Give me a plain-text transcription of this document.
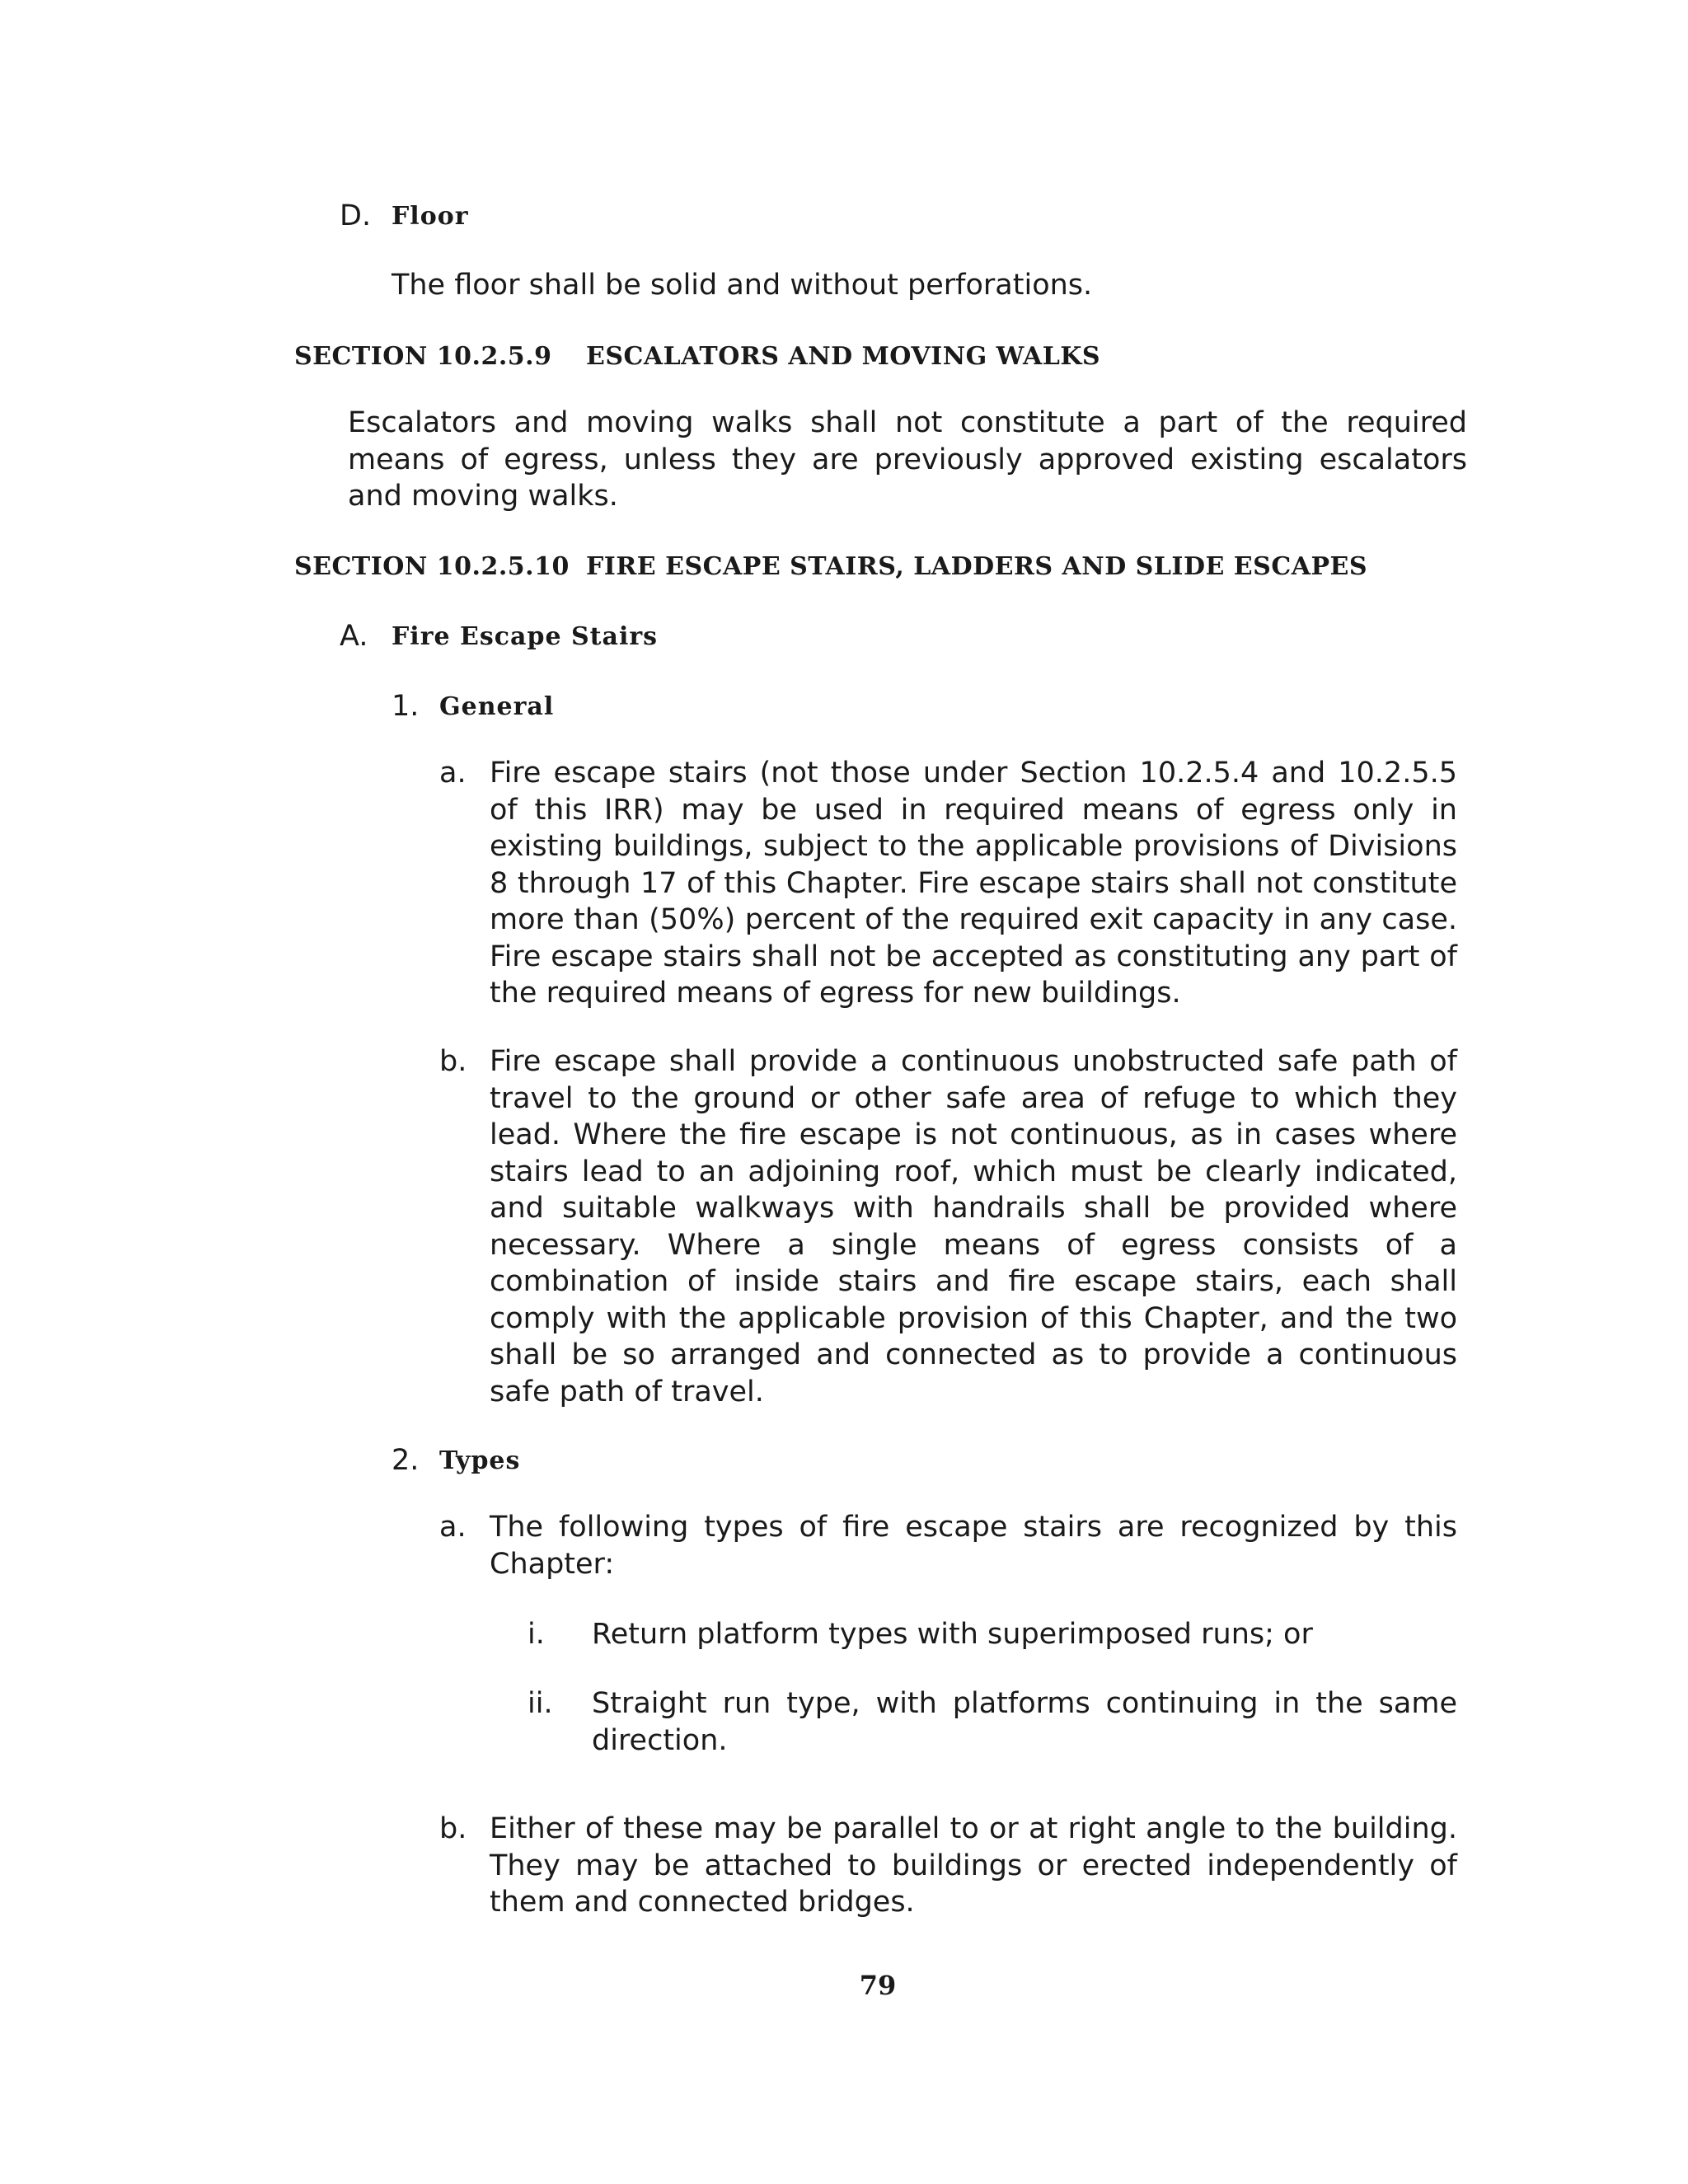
D. Floor
The floor shall be solid and without perforations.
SECTION 10.2.5.9 ESCALATORS AND MOVING WALKS
Escalators and moving walks shall not constitute a part of the required means of egress, unless they are previously approved existing escalators and moving walks.
SECTION 10.2.5.10 FIRE ESCAPE STAIRS, LADDERS AND SLIDE ESCAPES
A. Fire Escape Stairs
1. General
a. Fire escape stairs (not those under Section 10.2.5.4 and 10.2.5.5 of this IRR) may be used in required means of egress only in existing buildings, subject to the applicable provisions of Divisions 8 through 17 of this Chapter. Fire escape stairs shall not constitute more than (50%) percent of the required exit capacity in any case. Fire escape stairs shall not be accepted as constituting any part of the required means of egress for new buildings.
b. Fire escape shall provide a continuous unobstructed safe path of travel to the ground or other safe area of refuge to which they lead. Where the fire escape is not continuous, as in cases where stairs lead to an adjoining roof, which must be clearly indicated, and suitable walkways with handrails shall be provided where necessary. Where a single means of egress consists of a combination of inside stairs and fire escape stairs, each shall comply with the applicable provision of this Chapter, and the two shall be so arranged and connected as to provide a continuous safe path of travel.
2. Types
a. The following types of fire escape stairs are recognized by this Chapter:
i. Return platform types with superimposed runs; or
ii. Straight run type, with platforms continuing in the same direction.
b. Either of these may be parallel to or at right angle to the building. They may be attached to buildings or erected independently of them and connected bridges.
79
